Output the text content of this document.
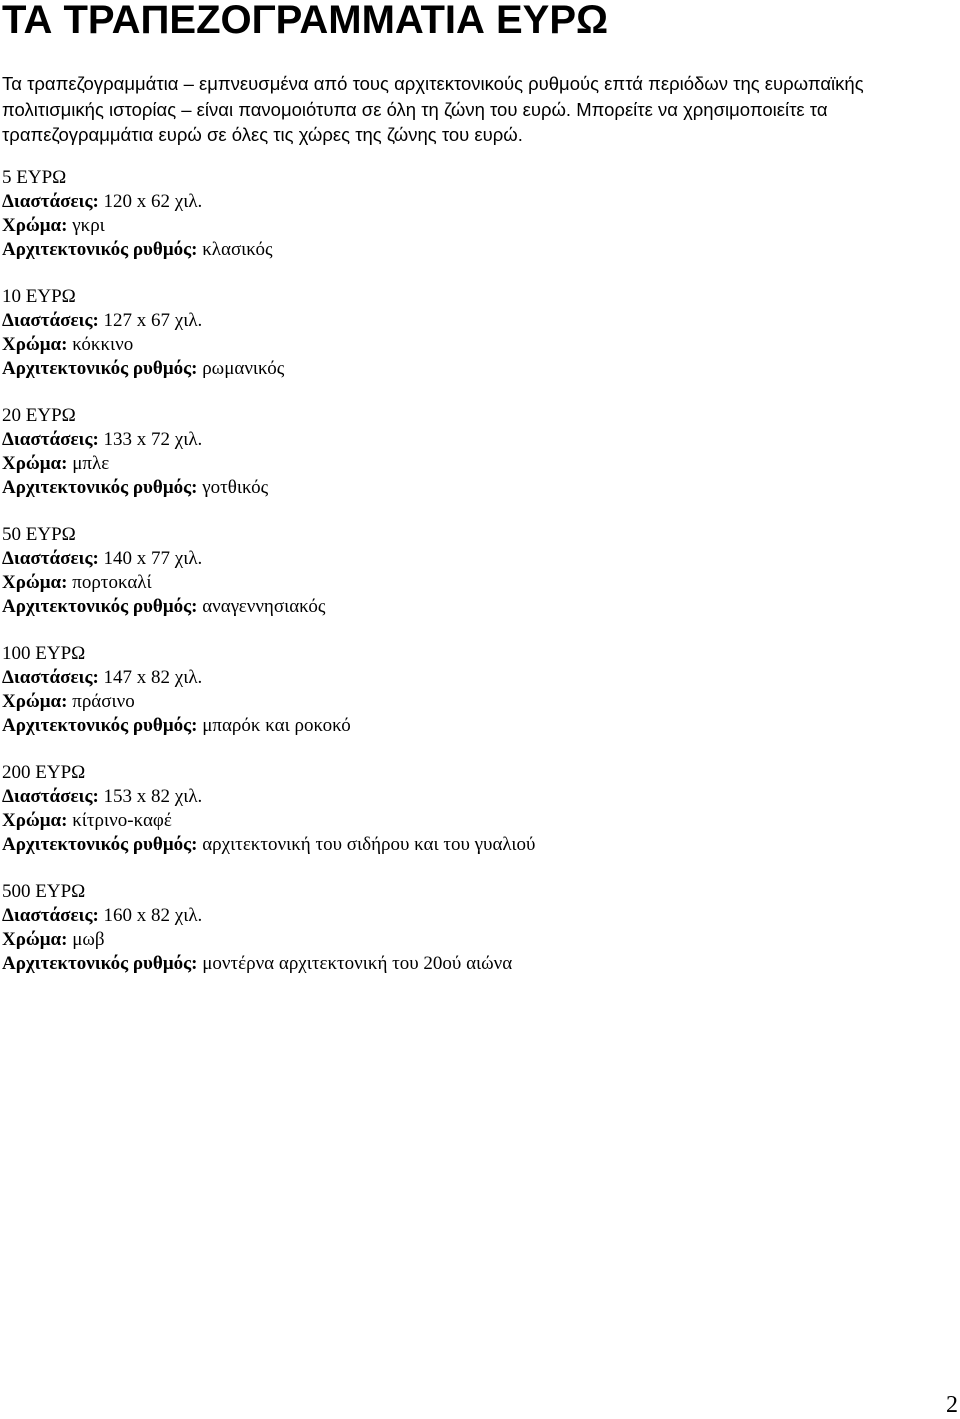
ΤΑ ΤΡΑΠΕΖΟΓΡΑΜΜΑΤΙΑ ΕΥΡΩ

Τα τραπεζογραμμάτια – εμπνευσμένα από τους αρχιτεκτονικούς ρυθμούς επτά περιόδων της ευρωπαϊκής πολιτισμικής ιστορίας – είναι πανομοιότυπα σε όλη τη ζώνη του ευρώ. Μπορείτε να χρησιμοποιείτε τα τραπεζογραμμάτια ευρώ σε όλες τις χώρες της ζώνης του ευρώ.

5 ΕΥΡΩ
Διαστάσεις: 120 x 62 χιλ.
Χρώμα: γκρι
Αρχιτεκτονικός ρυθμός: κλασικός
10 ΕΥΡΩ
Διαστάσεις: 127 x 67 χιλ.
Χρώμα: κόκκινο
Αρχιτεκτονικός ρυθμός: ρωμανικός
20 ΕΥΡΩ
Διαστάσεις: 133 x 72 χιλ.
Χρώμα: μπλε
Αρχιτεκτονικός ρυθμός: γοτθικός
50 ΕΥΡΩ
Διαστάσεις: 140 x 77 χιλ.
Χρώμα: πορτοκαλί
Αρχιτεκτονικός ρυθμός: αναγεννησιακός
100 ΕΥΡΩ
Διαστάσεις: 147 x 82 χιλ.
Χρώμα: πράσινο
Αρχιτεκτονικός ρυθμός: μπαρόκ και ροκοκό
200 ΕΥΡΩ
Διαστάσεις: 153 x 82 χιλ.
Χρώμα: κίτρινο-καφέ
Αρχιτεκτονικός ρυθμός: αρχιτεκτονική του σιδήρου και του γυαλιού
500 ΕΥΡΩ
Διαστάσεις: 160 x 82 χιλ.
Χρώμα: μωβ
Αρχιτεκτονικός ρυθμός: μοντέρνα αρχιτεκτονική του 20ού αιώνα
2
